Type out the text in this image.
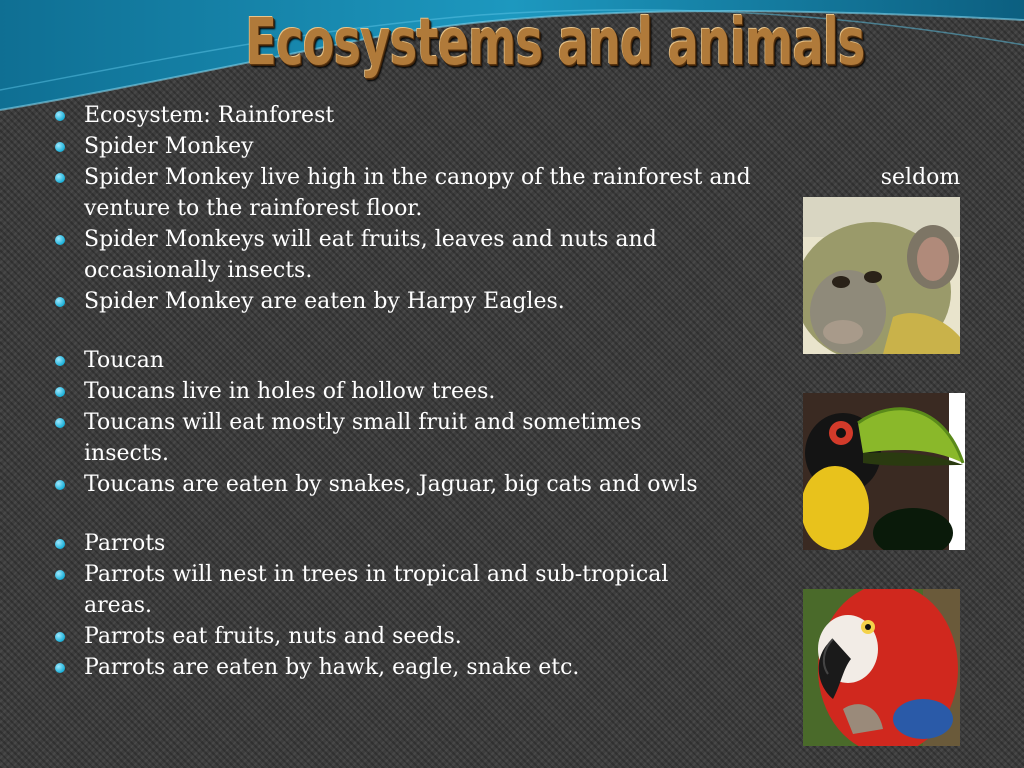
Ecosystems and animals
Ecosystem: Rainforest
Spider Monkey
Spider Monkey live high in the canopy of the rainforest and	seldom venture to the rainforest floor.
Spider Monkeys will eat fruits, leaves and nuts and occasionally insects.
Spider Monkey are eaten by Harpy Eagles.
Toucan
Toucans live in holes of hollow trees.
Toucans will eat mostly small fruit and sometimes insects.
Toucans are eaten by snakes, Jaguar, big cats and owls
Parrots
Parrots will nest in trees in tropical and sub-tropical areas.
Parrots eat fruits, nuts and seeds.
Parrots are eaten by hawk, eagle, snake etc.
